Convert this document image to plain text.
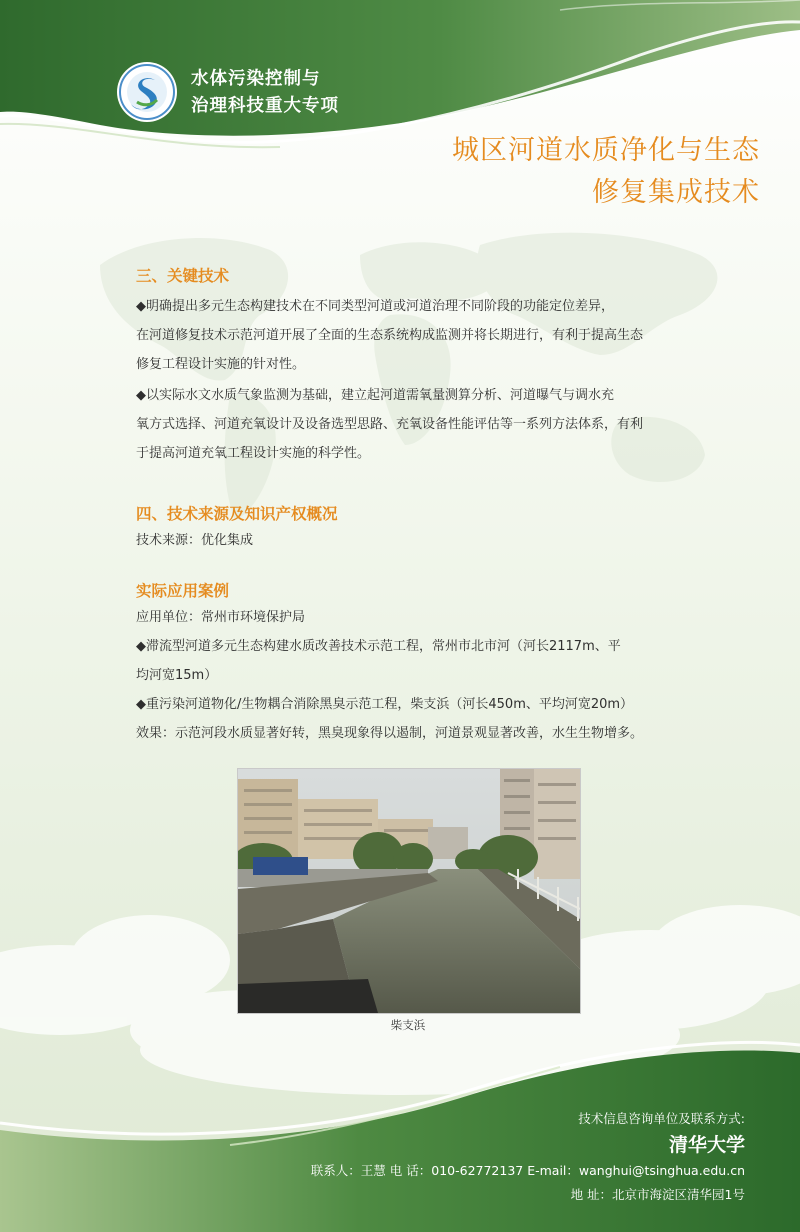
水体污染控制与
治理科技重大专项
城区河道水质净化与生态
修复集成技术

三、关键技术

◆明确提出多元生态构建技术在不同类型河道或河道治理不同阶段的功能定位差异，

在河道修复技术示范河道开展了全面的生态系统构成监测并将长期进行，有利于提高生态

修复工程设计实施的针对性。

◆以实际水文水质气象监测为基础，建立起河道需氧量测算分析、河道曝气与调水充

氧方式选择、河道充氧设计及设备选型思路、充氧设备性能评估等一系列方法体系，有利

于提高河道充氧工程设计实施的科学性。

四、技术来源及知识产权概况

技术来源：优化集成

实际应用案例

应用单位：常州市环境保护局

◆滞流型河道多元生态构建水质改善技术示范工程，常州市北市河（河长2117m、平

均河宽15m）

◆重污染河道物化/生物耦合消除黑臭示范工程，柴支浜（河长450m、平均河宽20m）

效果：示范河段水质显著好转，黑臭现象得以遏制，河道景观显著改善，水生生物增多。

柴支浜
技术信息咨询单位及联系方式:
清华大学
联系人：王慧 电 话：010-62772137 E-mail：wanghui@tsinghua.edu.cn
地 址：北京市海淀区清华园1号
